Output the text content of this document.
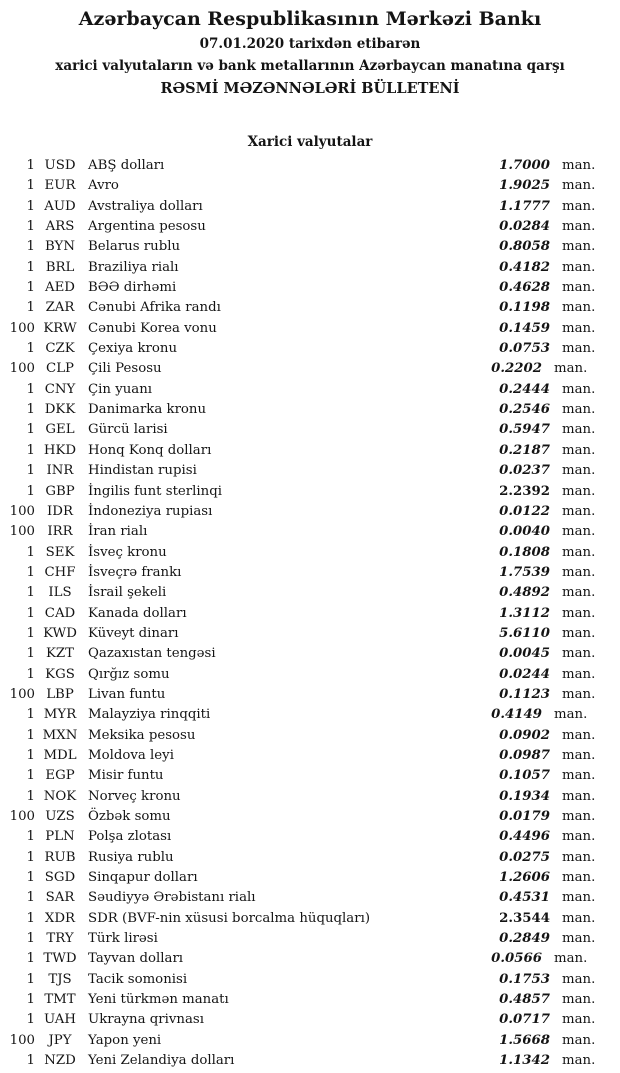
Azərbaycan Respublikasının Mərkəzi Bankı
07.01.2020 tarixdən etibarən
xarici valyutaların və bank metallarının Azərbaycan manatına qarşı
RƏSMİ MƏZƏNNƏLƏRİ BÜLLETENİ
Xarici valyutalar
1 USD ABŞ dolları	1.7000 man.
1 EUR Avro	1.9025 man.
1 AUD Avstraliya dolları	1.1777 man.
1 ARS	Argentina pesosu	0.0284 man.
1 BYN Belarus rublu	0.8058 man.
1 BRL	Braziliya rialı	0.4182 man.
1 AED BƏƏ dirhəmi	0.4628 man.
1 ZAR	Cənubi Afrika randı	0.1198 man.
100 KRW Cənubi Korea vonu	0.1459 man.
1 CZK	Çexiya kronu	0.0753 man.
100 CLP	Çili Pesosu	0.2202 man.
1 CNY Çin yuanı	0.2444 man.
1 DKK Danimarka kronu	0.2546 man.
1 GEL	Gürcü larisi	0.5947 man.
1 HKD Honq Konq dolları	0.2187 man.
1 INR	Hindistan rupisi	0.0237 man.
1 GBP	İngilis funt sterlinqi	2.2392 man.
100 IDR	İndoneziya rupiası	0.0122 man.
100 IRR	İran rialı	0.0040 man.
1 SEK	İsveç kronu	0.1808 man.
1 CHF İsveçrə frankı	1.7539 man.
1	ILS	İsrail şekeli	0.4892 man.
1 CAD Kanada dolları	1.3112 man.
1 KWD Küveyt dinarı	5.6110 man.
1 KZT	Qazaxıstan tengəsi	0.0045 man.
1 KGS Qırğız somu	0.0244 man.
100 LBP	Livan funtu	0.1123 man.
1 MYR Malayziya rinqqiti	0.4149 man.
1 MXN Meksika pesosu	0.0902 man.
1 MDL Moldova leyi	0.0987 man.
1 EGP	Misir funtu	0.1057 man.
1 NOK Norveç kronu	0.1934 man.
100 UZS Özbək somu	0.0179 man.
1 PLN Polşa zlotası	0.4496 man.
1 RUB Rusiya rublu	0.0275 man.
1 SGD Sinqapur dolları	1.2606 man.
1 SAR	Səudiyyə Ərəbistanı rialı	0.4531 man.
1 XDR SDR (BVF-nin xüsusi borcalma hüquqları)	2.3544 man.
1 TRY	Türk lirəsi	0.2849 man.
1 TWD Tayvan dolları	0.0566 man.
1	TJS	Tacik somonisi	0.1753 man.
1 TMT Yeni türkmən manatı	0.4857 man.
1 UAH Ukrayna qrivnası	0.0717 man.
100	JPY	Yapon yeni	1.5668 man.
1 NZD Yeni Zelandiya dolları	1.1342 man.
